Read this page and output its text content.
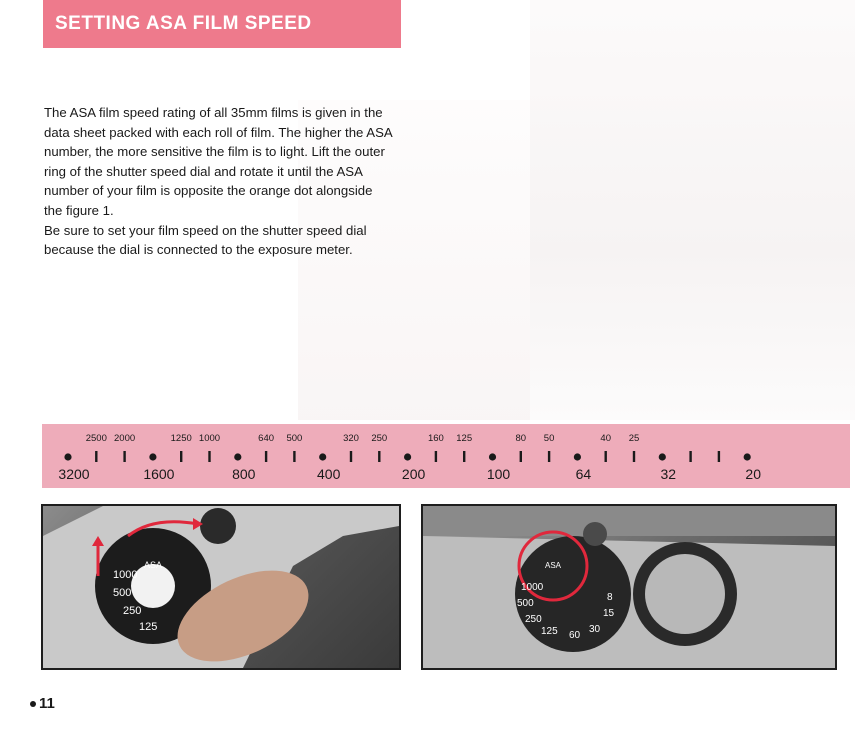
SETTING ASA FILM SPEED

The ASA film speed rating of all 35mm films is given in the data sheet packed with each roll of film. The higher the ASA number, the more sensitive the film is to light. Lift the outer ring of the shutter speed dial and rotate it until the ASA number of your film is opposite the orange dot alongside the figure 1.

Be sure to set your film speed on the shutter speed dial because the dial is connected to the exposure meter.

2500 2000	1250 1000	640 500	320 250	160 125	80 50	40 25
3200	1600	800	400	200	100	64	32	20
ASA
1000
500
250
125
ASA
1000
500
250
125 60
30
15
8
11
